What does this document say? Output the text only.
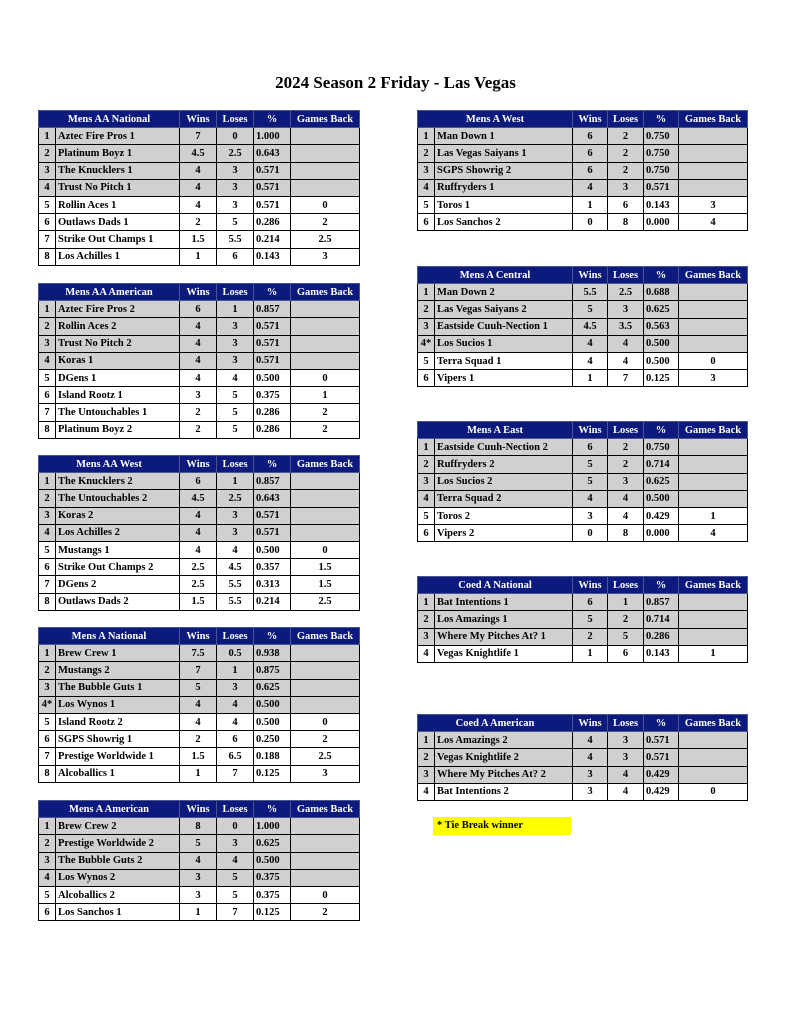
2024 Season 2 Friday - Las Vegas
Mens AA National		Wins	Loses	%	Games Back
1	Aztec Fire Pros 1	7	0	1.000	
2	Platinum Boyz 1	4.5	2.5	0.643	
3	The Knucklers 1	4	3	0.571	
4	Trust No Pitch 1	4	3	0.571	
5	Rollin Aces 1	4	3	0.571	0
6	Outlaws Dads 1	2	5	0.286	2
7	Strike Out Champs 1	1.5	5.5	0.214	2.5
8	Los Achilles 1	1	6	0.143	3
Mens AA American		Wins	Loses	%	Games Back
1	Aztec Fire Pros 2	6	1	0.857	
2	Rollin Aces 2	4	3	0.571	
3	Trust No Pitch 2	4	3	0.571	
4	Koras 1	4	3	0.571	
5	DGens 1	4	4	0.500	0
6	Island Rootz 1	3	5	0.375	1
7	The Untouchables 1	2	5	0.286	2
8	Platinum Boyz 2	2	5	0.286	2
Mens AA West		Wins	Loses	%	Games Back
1	The Knucklers 2	6	1	0.857	
2	The Untouchables 2	4.5	2.5	0.643	
3	Koras 2	4	3	0.571	
4	Los Achilles 2	4	3	0.571	
5	Mustangs 1	4	4	0.500	0
6	Strike Out Champs 2	2.5	4.5	0.357	1.5
7	DGens 2	2.5	5.5	0.313	1.5
8	Outlaws Dads 2	1.5	5.5	0.214	2.5
Mens A National		Wins	Loses	%	Games Back
1	Brew Crew 1	7.5	0.5	0.938	
2	Mustangs 2	7	1	0.875	
3	The Bubble Guts 1	5	3	0.625	
4*	Los Wynos 1	4	4	0.500	
5	Island Rootz 2	4	4	0.500	0
6	SGPS Showrig 1	2	6	0.250	2
7	Prestige Worldwide 1	1.5	6.5	0.188	2.5
8	Alcoballics 1	1	7	0.125	3
Mens A American		Wins	Loses	%	Games Back
1	Brew Crew 2	8	0	1.000	
2	Prestige Worldwide 2	5	3	0.625	
3	The Bubble Guts 2	4	4	0.500	
4	Los Wynos 2	3	5	0.375	
5	Alcoballics 2	3	5	0.375	0
6	Los Sanchos 1	1	7	0.125	2
Mens A West		Wins	Loses	%	Games Back
1	Man Down 1	6	2	0.750	
2	Las Vegas Saiyans 1	6	2	0.750	
3	SGPS Showrig 2	6	2	0.750	
4	Ruffryders 1	4	3	0.571	
5	Toros 1	1	6	0.143	3
6	Los Sanchos 2	0	8	0.000	4
Mens A Central		Wins	Loses	%	Games Back
1	Man Down 2	5.5	2.5	0.688	
2	Las Vegas Saiyans 2	5	3	0.625	
3	Eastside Cuuh-Nection 1	4.5	3.5	0.563	
4*	Los Sucios 1	4	4	0.500	
5	Terra Squad 1	4	4	0.500	0
6	Vipers 1	1	7	0.125	3
Mens A East		Wins	Loses	%	Games Back
1	Eastside Cuuh-Nection 2	6	2	0.750	
2	Ruffryders 2	5	2	0.714	
3	Los Sucios 2	5	3	0.625	
4	Terra Squad 2	4	4	0.500	
5	Toros 2	3	4	0.429	1
6	Vipers 2	0	8	0.000	4
Coed A National		Wins	Loses	%	Games Back
1	Bat Intentions 1	6	1	0.857	
2	Los Amazings 1	5	2	0.714	
3	Where My Pitches At? 1	2	5	0.286	
4	Vegas Knightlife 1	1	6	0.143	1
Coed A American		Wins	Loses	%	Games Back
1	Los Amazings 2	4	3	0.571	
2	Vegas Knightlife 2	4	3	0.571	
3	Where My Pitches At? 2	3	4	0.429	
4	Bat Intentions 2	3	4	0.429	0
* Tie Break winner
